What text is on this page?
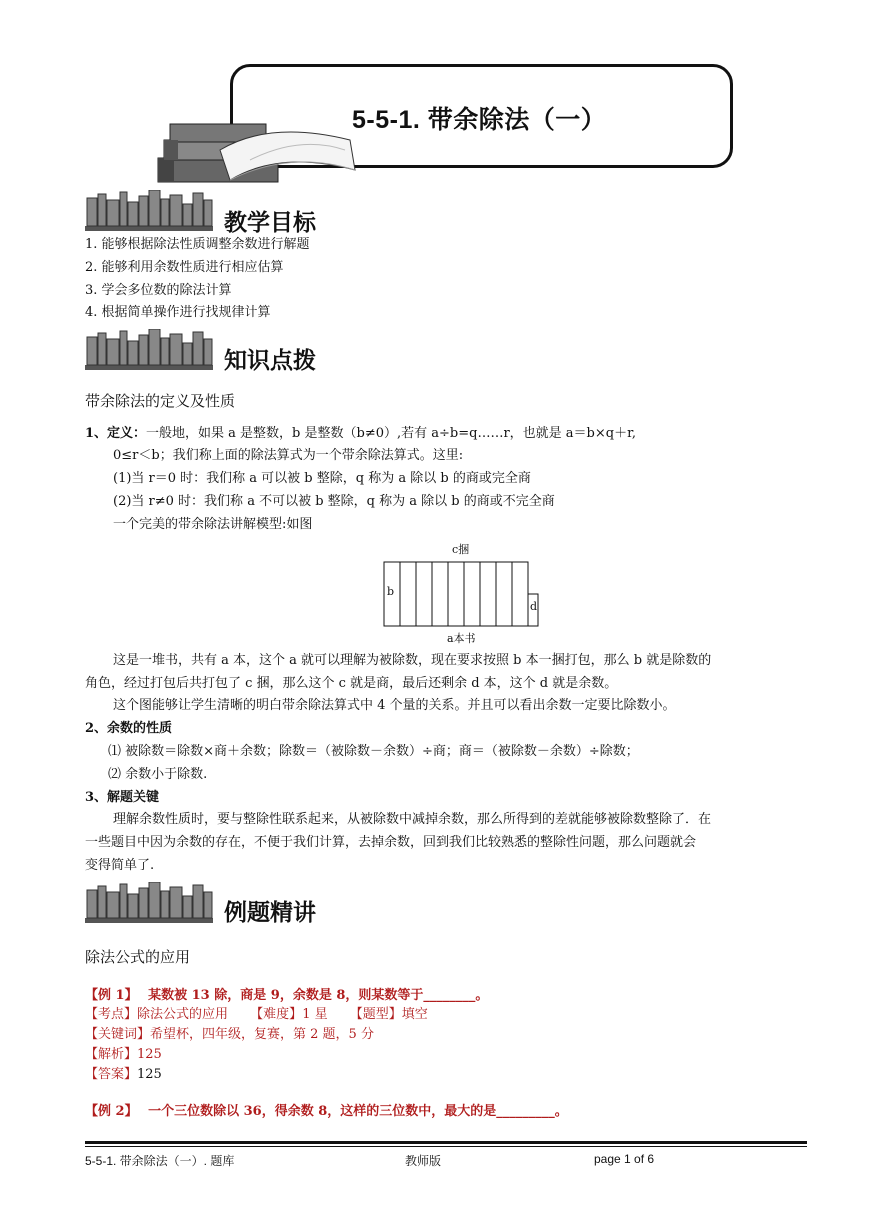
5-5-1. 带余除法（一）
教学目标
1. 能够根据除法性质调整余数进行解题
2. 能够利用余数性质进行相应估算
3. 学会多位数的除法计算
4. 根据简单操作进行找规律计算
知识点拨
带余除法的定义及性质
1、定义：一般地，如果 a 是整数，b 是整数（b≠0）,若有 a÷b=q……r，也就是 a＝b×q＋r,
0≤r＜b；我们称上面的除法算式为一个带余除法算式。这里:
(1)当 r＝0 时：我们称 a 可以被 b 整除，q 称为 a 除以 b 的商或完全商
(2)当 r≠0 时：我们称 a 不可以被 b 整除，q 称为 a 除以 b 的商或不完全商
一个完美的带余除法讲解模型:如图
c捆
b
d
a本书
这是一堆书，共有 a 本，这个 a 就可以理解为被除数，现在要求按照 b 本一捆打包，那么 b 就是除数的
角色，经过打包后共打包了 c 捆，那么这个 c 就是商，最后还剩余 d 本，这个 d 就是余数。
这个图能够让学生清晰的明白带余除法算式中 4 个量的关系。并且可以看出余数一定要比除数小。
2、余数的性质
⑴ 被除数＝除数×商＋余数；除数＝（被除数－余数）÷商；商＝（被除数－余数）÷除数；
⑵ 余数小于除数.
3、解题关键
理解余数性质时，要与整除性联系起来，从被除数中减掉余数，那么所得到的差就能够被除数整除了．在
一些题目中因为余数的存在，不便于我们计算，去掉余数，回到我们比较熟悉的整除性问题，那么问题就会
变得简单了.
例题精讲
除法公式的应用
【例 1】 某数被 13 除，商是 9，余数是 8，则某数等于________。
【考点】除法公式的应用 【难度】1 星 【题型】填空
【关键词】希望杯，四年级，复赛，第 2 题，5 分
【解析】125
【答案】125
【例 2】 一个三位数除以 36，得余数 8，这样的三位数中，最大的是_________。
5-5-1. 带余除法（一）. 题库	教师版	page 1 of 6
